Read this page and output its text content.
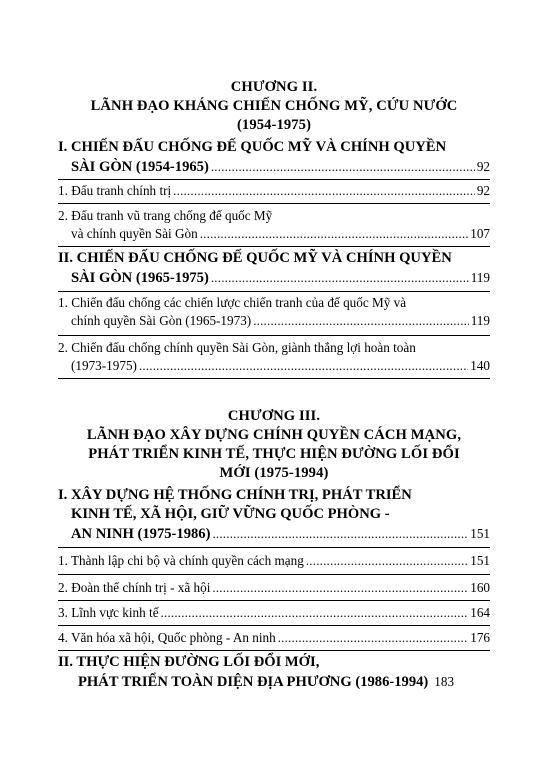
CHƯƠNG II.
LÃNH ĐẠO KHÁNG CHIẾN CHỐNG MỸ, CỨU NƯỚC
(1954-1975)
I. CHIẾN ĐẤU CHỐNG ĐẾ QUỐC MỸ VÀ CHÍNH QUYỀN
SÀI GÒN (1954-1965) .....	92
1. Đấu tranh chính trị .....	92
2. Đấu tranh vũ trang chống đế quốc Mỹ
và chính quyền Sài Gòn .....	107
II. CHIẾN ĐẤU CHỐNG ĐẾ QUỐC MỸ VÀ CHÍNH QUYỀN
SÀI GÒN (1965-1975) .....	119
1. Chiến đấu chống các chiến lược chiến tranh của đế quốc Mỹ và
chính quyền Sài Gòn (1965-1973) .....	119
2. Chiến đấu chống chính quyền Sài Gòn, giành thắng lợi hoàn toàn
(1973-1975) .....	140
CHƯƠNG III.
LÃNH ĐẠO XÂY DỰNG CHÍNH QUYỀN CÁCH MẠNG,
PHÁT TRIỂN KINH TẾ, THỰC HIỆN ĐƯỜNG LỐI ĐỔI
MỚI (1975-1994)
I. XÂY DỰNG HỆ THỐNG CHÍNH TRỊ, PHÁT TRIỂN
KINH TẾ, XÃ HỘI, GIỮ VỮNG QUỐC PHÒNG -
AN NINH (1975-1986) .....	151
1. Thành lập chi bộ và chính quyền cách mạng .....	151
2. Đoàn thể chính trị - xã hội .....	160
3. Lĩnh vực kinh tế .....	164
4. Văn hóa xã hội, Quốc phòng - An ninh .....	176
II. THỰC HIỆN ĐƯỜNG LỐI ĐỔI MỚI,
PHÁT TRIỂN TOÀN DIỆN ĐỊA PHƯƠNG (1986-1994) 183
